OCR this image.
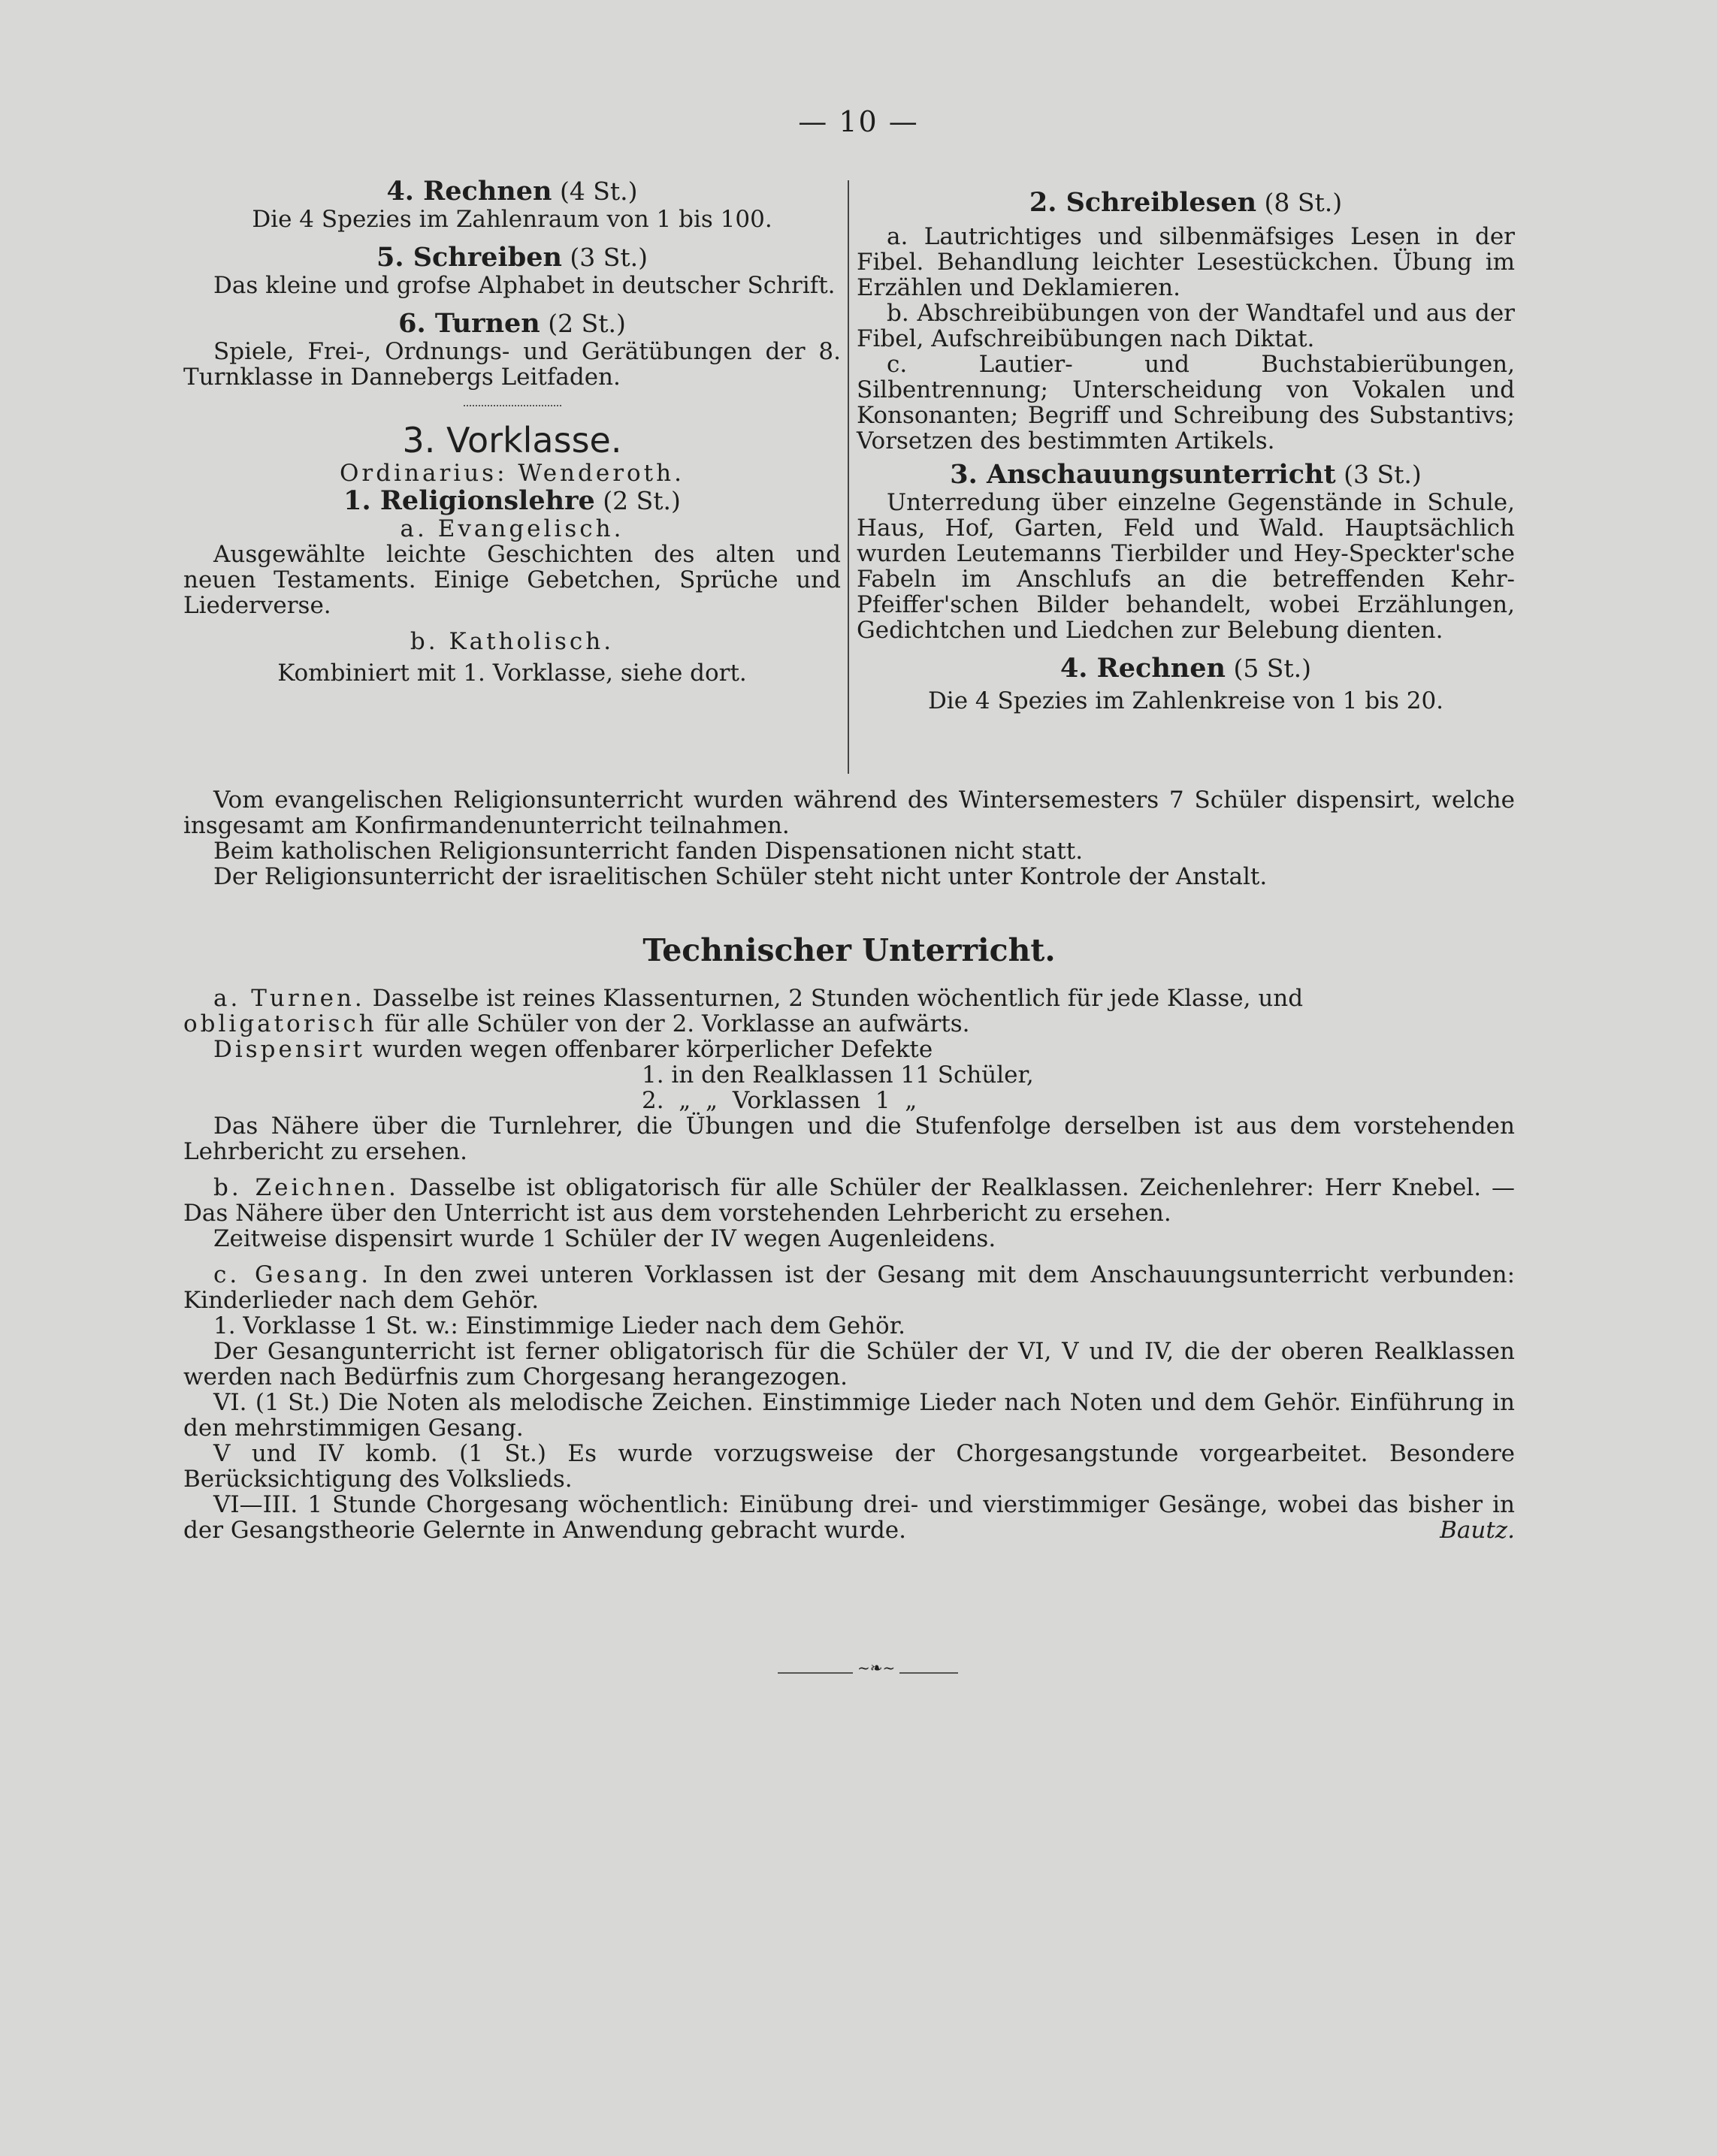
— 10 —

4. Rechnen (4 St.)

Die 4 Spezies im Zahlenraum von 1 bis 100.

5. Schreiben (3 St.)

Das kleine und grofse Alphabet in deutscher Schrift.

6. Turnen (2 St.)

Spiele, Frei-, Ordnungs- und Gerätübungen der 8. Turnklasse in Dannebergs Leitfaden.

3. Vorklasse.

Ordinarius: Wenderoth.

1. Religionslehre (2 St.)

a. Evangelisch.

Ausgewählte leichte Geschichten des alten und neuen Testaments. Einige Gebetchen, Sprüche und Liederverse.

b. Katholisch.

Kombiniert mit 1. Vorklasse, siehe dort.

2. Schreiblesen (8 St.)

a. Lautrichtiges und silbenmäfsiges Lesen in der Fibel. Behandlung leichter Lesestückchen. Übung im Erzählen und Deklamieren.

b. Abschreibübungen von der Wandtafel und aus der Fibel, Aufschreibübungen nach Diktat.

c. Lautier- und Buchstabierübungen, Silbentrennung; Unterscheidung von Vokalen und Konsonanten; Begriff und Schreibung des Substantivs; Vorsetzen des bestimmten Artikels.

3. Anschauungsunterricht (3 St.)

Unterredung über einzelne Gegenstände in Schule, Haus, Hof, Garten, Feld und Wald. Hauptsächlich wurden Leutemanns Tierbilder und Hey-Speckter'sche Fabeln im Anschlufs an die betreffenden Kehr-Pfeiffer'schen Bilder behandelt, wobei Erzählungen, Gedichtchen und Liedchen zur Belebung dienten.

4. Rechnen (5 St.)

Die 4 Spezies im Zahlenkreise von 1 bis 20.

Vom evangelischen Religionsunterricht wurden während des Wintersemesters 7 Schüler dispensirt, welche insgesamt am Konfirmandenunterricht teilnahmen.

Beim katholischen Religionsunterricht fanden Dispensationen nicht statt.

Der Religionsunterricht der israelitischen Schüler steht nicht unter Kontrole der Anstalt.

Technischer Unterricht.

a. Turnen. Dasselbe ist reines Klassenturnen, 2 Stunden wöchentlich für jede Klasse, und

obligatorisch für alle Schüler von der 2. Vorklasse an aufwärts.

Dispensirt wurden wegen offenbarer körperlicher Defekte

1. in den Realklassen 11 Schüler,

2.  „  „  Vorklassen  1  „

Das Nähere über die Turnlehrer, die Übungen und die Stufenfolge derselben ist aus dem vorstehenden Lehrbericht zu ersehen.

b. Zeichnen. Dasselbe ist obligatorisch für alle Schüler der Realklassen. Zeichenlehrer: Herr Knebel. — Das Nähere über den Unterricht ist aus dem vorstehenden Lehrbericht zu ersehen.

Zeitweise dispensirt wurde 1 Schüler der IV wegen Augenleidens.

c. Gesang. In den zwei unteren Vorklassen ist der Gesang mit dem Anschauungsunterricht verbunden: Kinderlieder nach dem Gehör.

1. Vorklasse 1 St. w.: Einstimmige Lieder nach dem Gehör.

Der Gesangunterricht ist ferner obligatorisch für die Schüler der VI, V und IV, die der oberen Realklassen werden nach Bedürfnis zum Chorgesang herangezogen.

VI. (1 St.) Die Noten als melodische Zeichen. Einstimmige Lieder nach Noten und dem Gehör. Einführung in den mehrstimmigen Gesang.

V und IV komb. (1 St.) Es wurde vorzugsweise der Chorgesangstunde vorgearbeitet. Besondere Berücksichtigung des Volkslieds.

VI—III. 1 Stunde Chorgesang wöchentlich: Einübung drei- und vierstimmiger Gesänge, wobei das bisher in der Gesangstheorie Gelernte in Anwendung gebracht wurde.	Bautz.

~❧~
